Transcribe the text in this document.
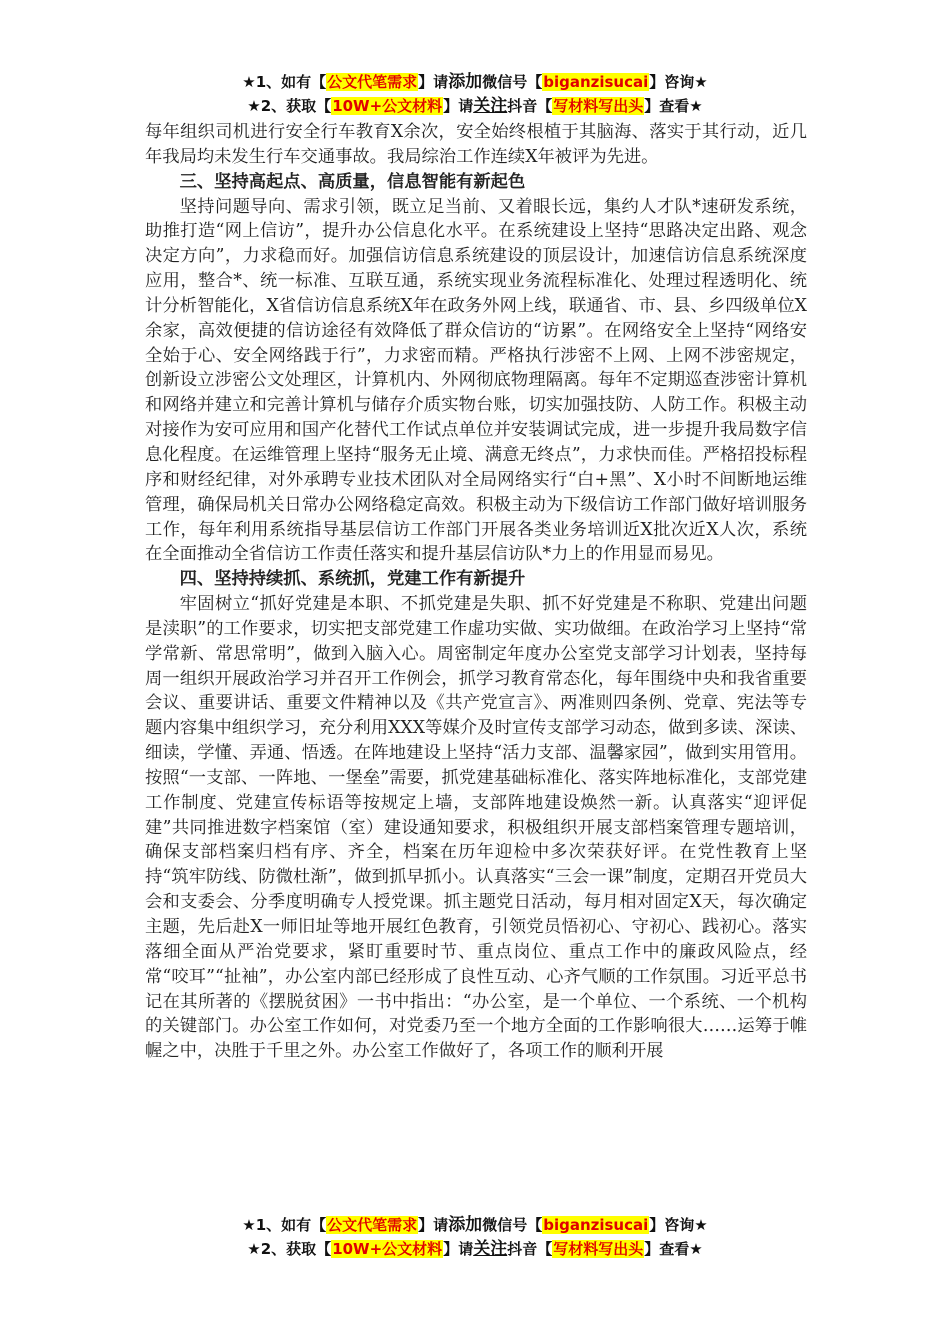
★1、如有【公文代笔需求】请添加微信号【biganzisucai】咨询★
★2、获取【10W+公文材料】请关注抖音【写材料写出头】查看★

每年组织司机进行安全行车教育X余次，安全始终根植于其脑海、落实于其行动，近几年我局均未发生行车交通事故。我局综治工作连续X年被评为先进。

三、坚持高起点、高质量，信息智能有新起色

坚持问题导向、需求引领，既立足当前、又着眼长远，集约人才队*速研发系统，助推打造“网上信访”，提升办公信息化水平。在系统建设上坚持“思路决定出路、观念决定方向”，力求稳而好。加强信访信息系统建设的顶层设计，加速信访信息系统深度应用，整合*、统一标准、互联互通，系统实现业务流程标准化、处理过程透明化、统计分析智能化，X省信访信息系统X年在政务外网上线，联通省、市、县、乡四级单位X余家，高效便捷的信访途径有效降低了群众信访的“访累”。在网络安全上坚持“网络安全始于心、安全网络践于行”，力求密而精。严格执行涉密不上网、上网不涉密规定，创新设立涉密公文处理区，计算机内、外网彻底物理隔离。每年不定期巡查涉密计算机和网络并建立和完善计算机与储存介质实物台账，切实加强技防、人防工作。积极主动对接作为安可应用和国产化替代工作试点单位并安装调试完成，进一步提升我局数字信息化程度。在运维管理上坚持“服务无止境、满意无终点”，力求快而佳。严格招投标程序和财经纪律，对外承聘专业技术团队对全局网络实行“白+黑”、X小时不间断地运维管理，确保局机关日常办公网络稳定高效。积极主动为下级信访工作部门做好培训服务工作，每年利用系统指导基层信访工作部门开展各类业务培训近X批次近X人次，系统在全面推动全省信访工作责任落实和提升基层信访队*力上的作用显而易见。

四、坚持持续抓、系统抓，党建工作有新提升

牢固树立“抓好党建是本职、不抓党建是失职、抓不好党建是不称职、党建出问题是渎职”的工作要求，切实把支部党建工作虚功实做、实功做细。在政治学习上坚持“常学常新、常思常明”，做到入脑入心。周密制定年度办公室党支部学习计划表，坚持每周一组织开展政治学习并召开工作例会，抓学习教育常态化，每年围绕中央和我省重要会议、重要讲话、重要文件精神以及《共产党宣言》、两准则四条例、党章、宪法等专题内容集中组织学习，充分利用XXX等媒介及时宣传支部学习动态，做到多读、深读、细读，学懂、弄通、悟透。在阵地建设上坚持“活力支部、温馨家园”，做到实用管用。按照“一支部、一阵地、一堡垒”需要，抓党建基础标准化、落实阵地标准化，支部党建工作制度、党建宣传标语等按规定上墙，支部阵地建设焕然一新。认真落实“迎评促建”共同推进数字档案馆（室）建设通知要求，积极组织开展支部档案管理专题培训，确保支部档案归档有序、齐全，档案在历年迎检中多次荣获好评。在党性教育上坚持“筑牢防线、防微杜渐”，做到抓早抓小。认真落实“三会一课”制度，定期召开党员大会和支委会、分季度明确专人授党课。抓主题党日活动，每月相对固定X天，每次确定主题，先后赴X一师旧址等地开展红色教育，引领党员悟初心、守初心、践初心。落实落细全面从严治党要求，紧盯重要时节、重点岗位、重点工作中的廉政风险点，经常“咬耳”“扯袖”，办公室内部已经形成了良性互动、心齐气顺的工作氛围。习近平总书记在其所著的《摆脱贫困》一书中指出：“办公室，是一个单位、一个系统、一个机构的关键部门。办公室工作如何，对党委乃至一个地方全面的工作影响很大……运筹于帷幄之中，决胜于千里之外。办公室工作做好了，各项工作的顺利开展

★1、如有【公文代笔需求】请添加微信号【biganzisucai】咨询★
★2、获取【10W+公文材料】请关注抖音【写材料写出头】查看★
